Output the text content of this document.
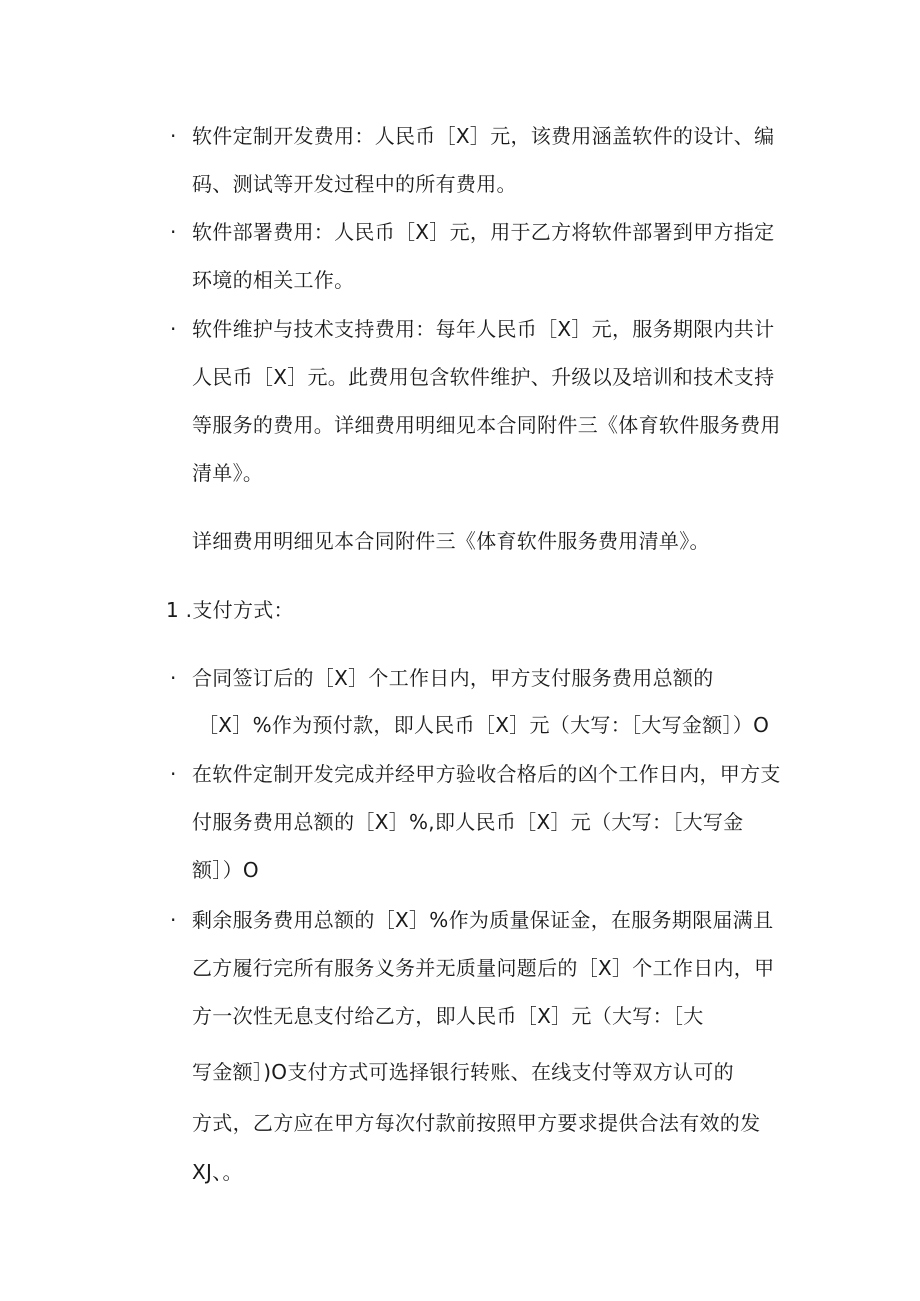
· 软件定制开发费用：人民币［X］元，该费用涵盖软件的设计、编
码、测试等开发过程中的所有费用。
· 软件部署费用：人民币［X］元，用于乙方将软件部署到甲方指定
环境的相关工作。
· 软件维护与技术支持费用：每年人民币［X］元，服务期限内共计
人民币［X］元。此费用包含软件维护、升级以及培训和技术支持
等服务的费用。详细费用明细见本合同附件三《体育软件服务费用
清单》。
详细费用明细见本合同附件三《体育软件服务费用清单》。
1 .支付方式：
· 合同签订后的［X］个工作日内，甲方支付服务费用总额的
［X］%作为预付款，即人民币［X］元（大写：［大写金额］）O
· 在软件定制开发完成并经甲方验收合格后的凶个工作日内，甲方支
付服务费用总额的［X］%,即人民币［X］元（大写：［大写金
额］）O
· 剩余服务费用总额的［X］%作为质量保证金，在服务期限届满且
乙方履行完所有服务义务并无质量问题后的［X］个工作日内，甲
方一次性无息支付给乙方，即人民币［X］元（大写：［大
写金额］)O支付方式可选择银行转账、在线支付等双方认可的
方式，乙方应在甲方每次付款前按照甲方要求提供合法有效的发
XJ、。
